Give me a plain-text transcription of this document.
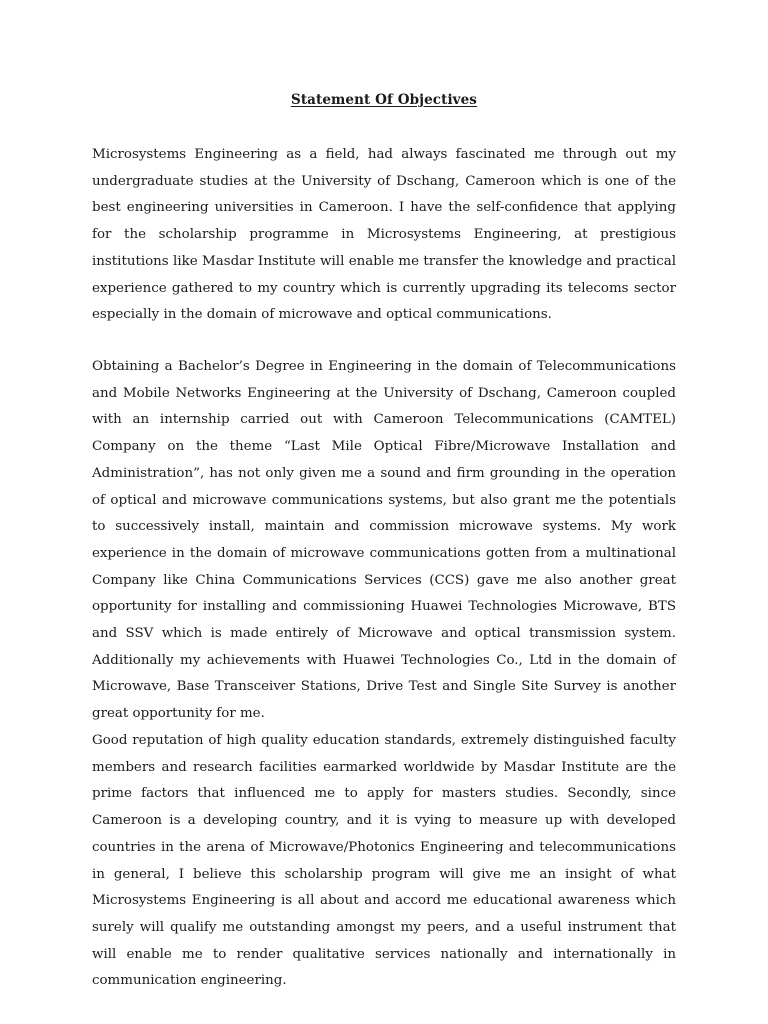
Statement Of Objectives

Microsystems Engineering as a field, had always fascinated me through out my undergraduate studies at the University of Dschang, Cameroon which is one of the best engineering universities in Cameroon. I have the self-confidence that applying for the scholarship programme in Microsystems Engineering, at prestigious institutions like Masdar Institute will enable me transfer the knowledge and practical experience gathered to my country which is currently upgrading its telecoms sector especially in the domain of microwave and optical communications.

Obtaining a Bachelor’s Degree in Engineering in the domain of Telecommunications and Mobile Networks Engineering at the University of Dschang, Cameroon coupled with an internship carried out with Cameroon Telecommunications (CAMTEL) Company on the theme “Last Mile Optical Fibre/Microwave Installation and Administration”, has not only given me a sound and firm grounding in the operation of optical and microwave communications systems, but also grant me the potentials to successively install, maintain and commission microwave systems. My work experience in the domain of microwave communications gotten from a multinational Company like China Communications Services (CCS) gave me also another great opportunity for installing and commissioning Huawei Technologies Microwave, BTS and SSV which is made entirely of Microwave and optical transmission system. Additionally my achievements with Huawei Technologies Co., Ltd in the domain of Microwave, Base Transceiver Stations, Drive Test and Single Site Survey is another great opportunity for me.

Good reputation of high quality education standards, extremely distinguished faculty members and research facilities earmarked worldwide by Masdar Institute are the prime factors that influenced me to apply for masters studies. Secondly, since Cameroon is a developing country, and it is vying to measure up with developed countries in the arena of Microwave/Photonics Engineering and telecommunications in general, I believe this scholarship program will give me an insight of what Microsystems Engineering is all about and accord me educational awareness which surely will qualify me outstanding amongst my peers, and a useful instrument that will enable me to render qualitative services nationally and internationally in communication engineering.
